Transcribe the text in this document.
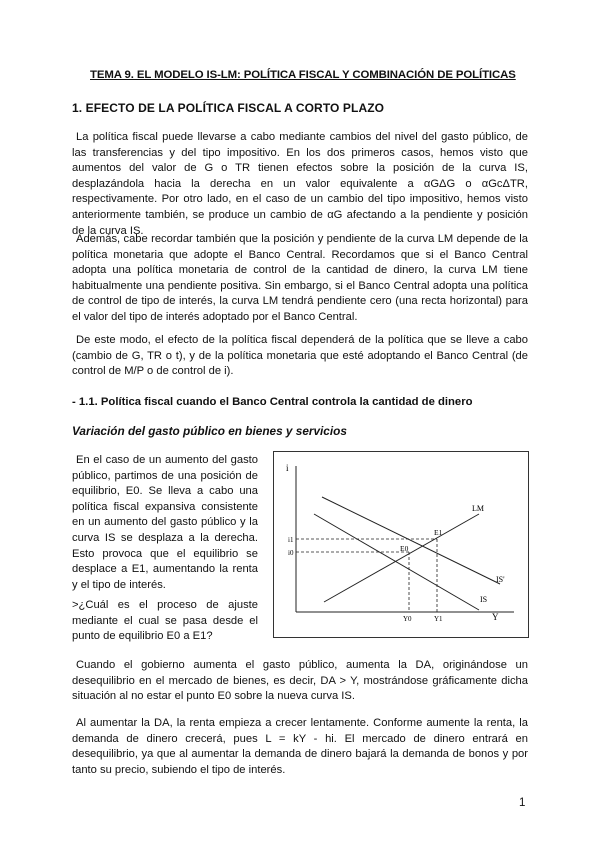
TEMA 9. EL MODELO IS-LM: POLÍTICA FISCAL Y COMBINACIÓN DE POLÍTICAS
1. EFECTO DE LA POLÍTICA FISCAL A CORTO PLAZO
La política fiscal puede llevarse a cabo mediante cambios del nivel del gasto público, de las transferencias y del tipo impositivo. En los dos primeros casos, hemos visto que aumentos del valor de G o TR tienen efectos sobre la posición de la curva IS, desplazándola hacia la derecha en un valor equivalente a αGΔG o αGcΔTR, respectivamente. Por otro lado, en el caso de un cambio del tipo impositivo, hemos visto anteriormente también, se produce un cambio de αG afectando a la pendiente y posición de la curva IS.
Además, cabe recordar también que la posición y pendiente de la curva LM depende de la política monetaria que adopte el Banco Central. Recordamos que si el Banco Central adopta una política monetaria de control de la cantidad de dinero, la curva LM tiene habitualmente una pendiente positiva. Sin embargo, si el Banco Central adopta una política de control de tipo de interés, la curva LM tendrá pendiente cero (una recta horizontal) para el valor del tipo de interés adoptado por el Banco Central.
De este modo, el efecto de la política fiscal dependerá de la política que se lleve a cabo (cambio de G, TR o t), y de la política monetaria que esté adoptando el Banco Central (de control de M/P o de control de i).
- 1.1. Política fiscal cuando el Banco Central controla la cantidad de dinero
Variación del gasto público en bienes y servicios
En el caso de un aumento del gasto público, partimos de una posición de equilibrio, E0. Se lleva a cabo una política fiscal expansiva consistente en un aumento del gasto público y la curva IS se desplaza a la derecha. Esto provoca que el equilibrio se desplace a E1, aumentando la renta y el tipo de interés.
>¿Cuál es el proceso de ajuste mediante el cual se pasa desde el punto de equilibrio E0 a E1?
i
Y
LM
IS'
IS
E1
E0
i1
i0
Y0	Y1
Cuando el gobierno aumenta el gasto público, aumenta la DA, originándose un desequilibrio en el mercado de bienes, es decir, DA > Y, mostrándose gráficamente dicha situación al no estar el punto E0 sobre la nueva curva IS.
Al aumentar la DA, la renta empieza a crecer lentamente. Conforme aumente la renta, la demanda de dinero crecerá, pues L = kY - hi. El mercado de dinero entrará en desequilibrio, ya que al aumentar la demanda de dinero bajará la demanda de bonos y por tanto su precio, subiendo el tipo de interés.
1
